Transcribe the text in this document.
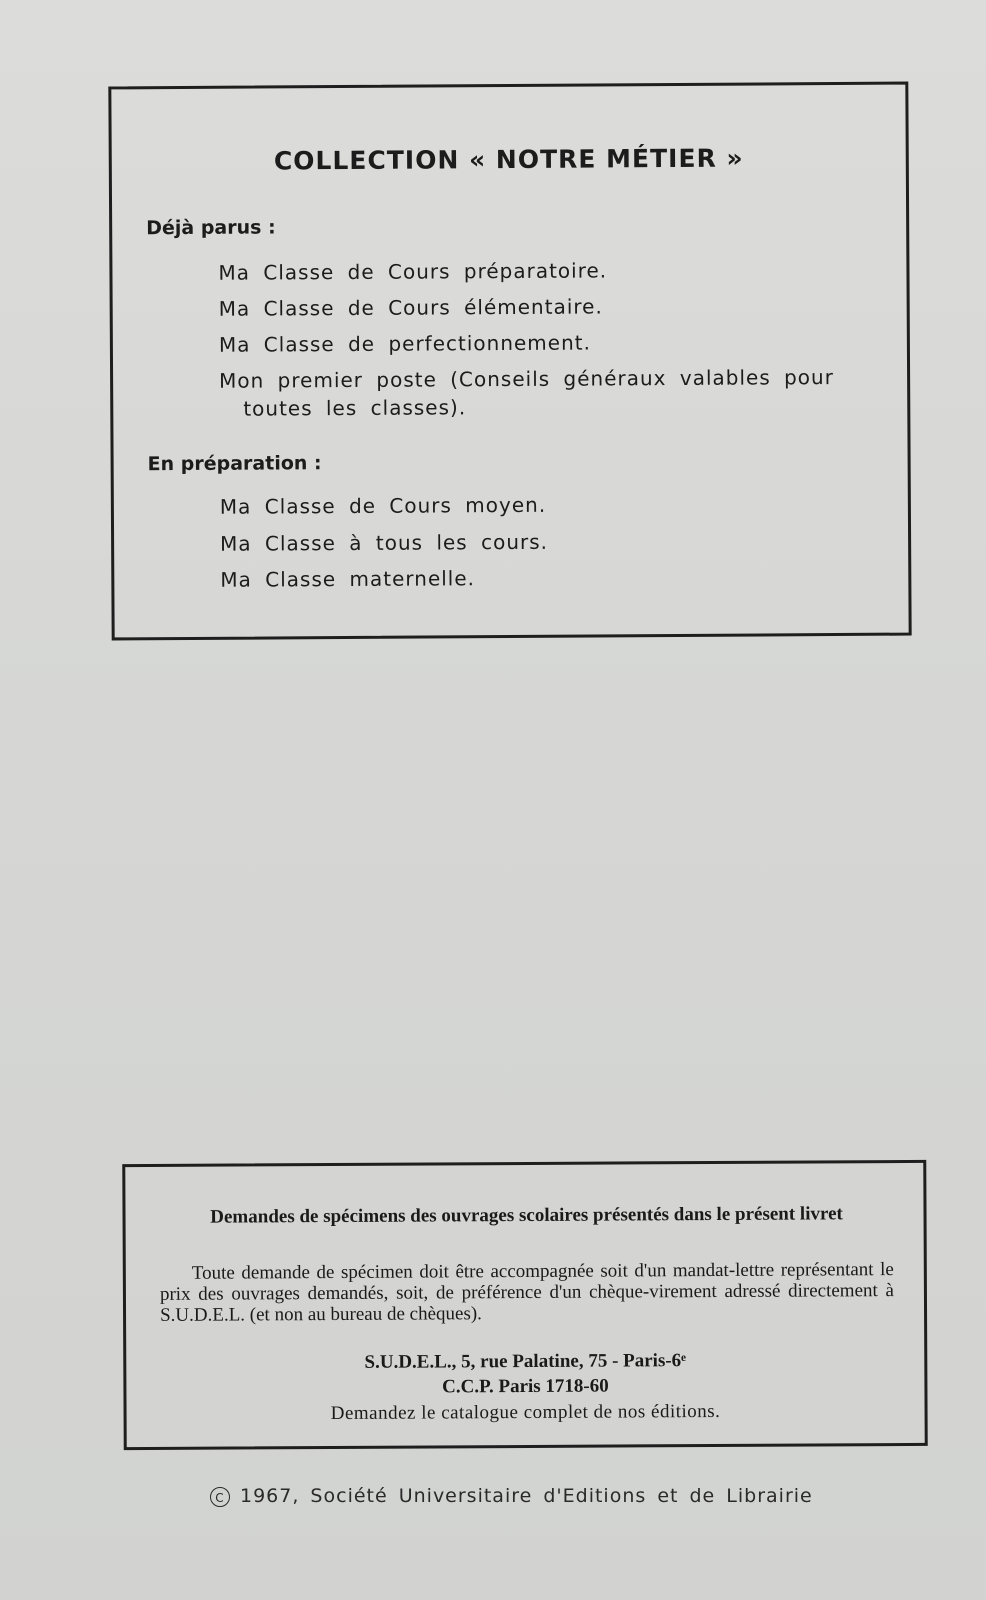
COLLECTION « NOTRE MÉTIER »
Déjà parus :
Ma Classe de Cours préparatoire.
Ma Classe de Cours élémentaire.
Ma Classe de perfectionnement.
Mon premier poste (Conseils généraux valables pour
toutes les classes).
En préparation :
Ma Classe de Cours moyen.
Ma Classe à tous les cours.
Ma Classe maternelle.
Demandes de spécimens des ouvrages scolaires présentés dans le présent livret
Toute demande de spécimen doit être accompagnée soit d'un mandat-lettre représentant le prix des ouvrages demandés, soit, de préférence d'un chèque-virement adressé directement à S.U.D.E.L. (et non au bureau de chèques).
S.U.D.E.L., 5, rue Palatine, 75 - Paris-6ᵉ
C.C.P. Paris 1718-60
Demandez le catalogue complet de nos éditions.
C 1967, Société Universitaire d'Editions et de Librairie
